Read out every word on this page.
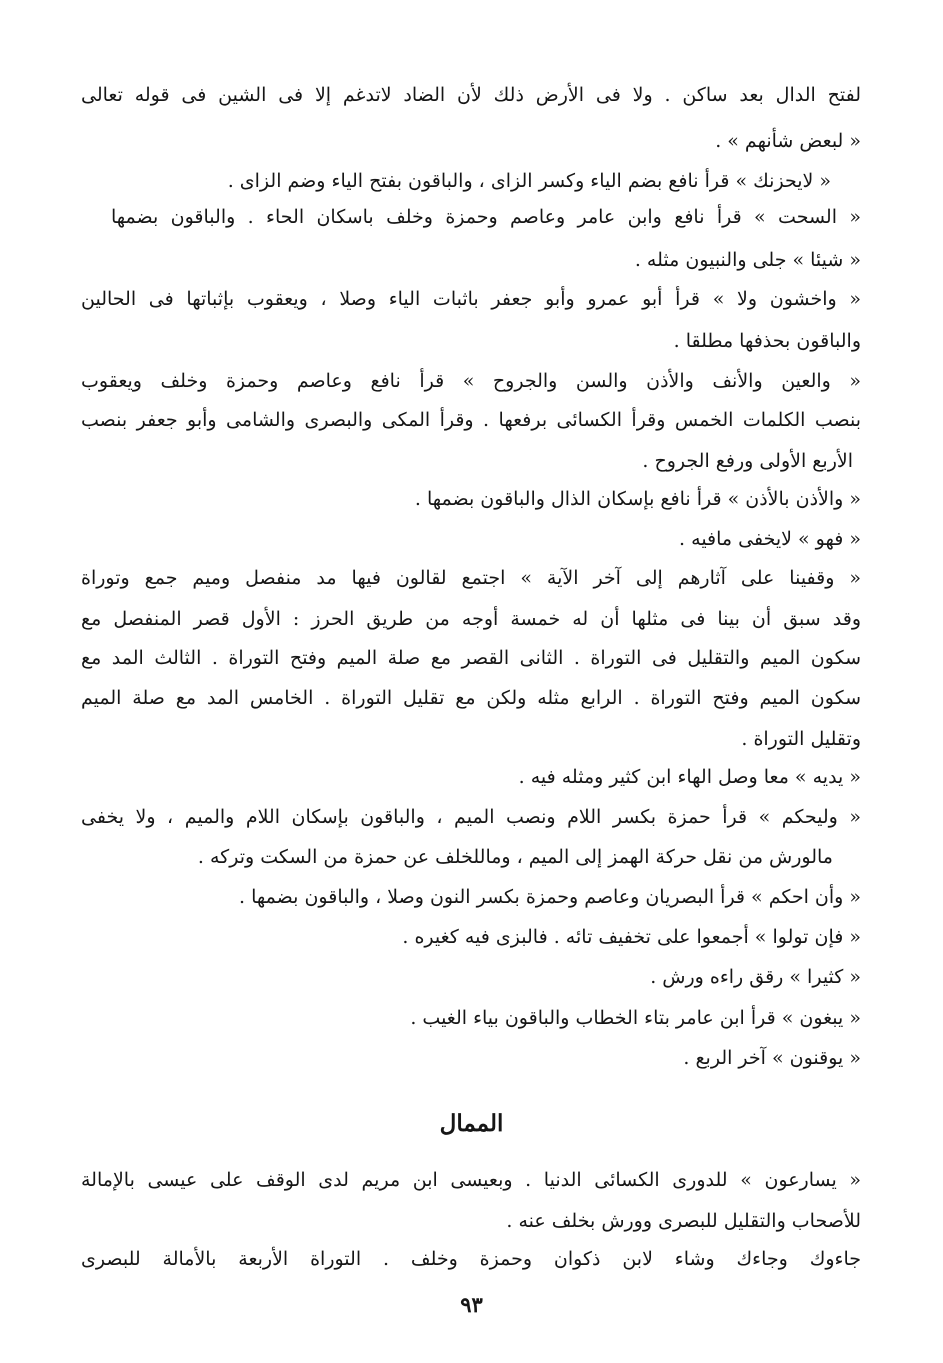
لفتح الدال بعد ساكن . ولا فى الأرض ذلك لأن الضاد لاتدغم إلا فى الشين فى قوله تعالى
« لبعض شأنهم » .
« لايحزنك » قرأ نافع بضم الياء وكسر الزاى ، والباقون بفتح الياء وضم الزاى .
« السحت » قرأ نافع وابن عامر وعاصم وحمزة وخلف باسكان الحاء . والباقون بضمها
« شيئا » جلى والنبيون مثله .
« واخشون ولا » قرأ أبو عمرو وأبو جعفر باثبات الياء وصلا ، ويعقوب بإثباتها فى الحالين
والباقون بحذفها مطلقا .
« والعين والأنف والأذن والسن والجروح » قرأ نافع وعاصم وحمزة وخلف ويعقوب
بنصب الكلمات الخمس وقرأ الكسائى برفعها . وقرأ المكى والبصرى والشامى وأبو جعفر بنصب
الأربع الأولى ورفع الجروح .
« والأذن بالأذن » قرأ نافع بإسكان الذال والباقون بضمها .
« فهو » لايخفى مافيه .
« وقفينا على آثارهم إلى آخر الآية » اجتمع لقالون فيها مد منفصل وميم جمع وتوراة
وقد سبق أن بينا فى مثلها أن له خمسة أوجه من طريق الحرز : الأول قصر المنفصل مع
سكون الميم والتقليل فى التوراة . الثانى القصر مع صلة الميم وفتح التوراة . الثالث المد مع
سكون الميم وفتح التوراة . الرابع مثله ولكن مع تقليل التوراة . الخامس المد مع صلة الميم
وتقليل التوراة .
« يديه » معا وصل الهاء ابن كثير ومثله فيه .
« وليحكم » قرأ حمزة بكسر اللام ونصب الميم ، والباقون بإسكان اللام والميم ، ولا يخفى
مالورش من نقل حركة الهمز إلى الميم ، وماللخلف عن حمزة من السكت وتركه .
« وأن احكم » قرأ البصريان وعاصم وحمزة بكسر النون وصلا ، والباقون بضمها .
« فإن تولوا » أجمعوا على تخفيف تائه . فالبزى فيه كغيره .
« كثيرا » رقق راءه ورش .
« يبغون » قرأ ابن عامر بتاء الخطاب والباقون بياء الغيب .
« يوقنون » آخر الربع .
الممال
« يسارعون » للدورى الكسائى الدنيا . وبعيسى ابن مريم لدى الوقف على عيسى بالإمالة
للأصحاب والتقليل للبصرى وورش بخلف عنه .
جاءوك وجاءك وشاء لابن ذكوان وحمزة وخلف . التوراة الأربعة بالأمالة للبصرى
٩٣
